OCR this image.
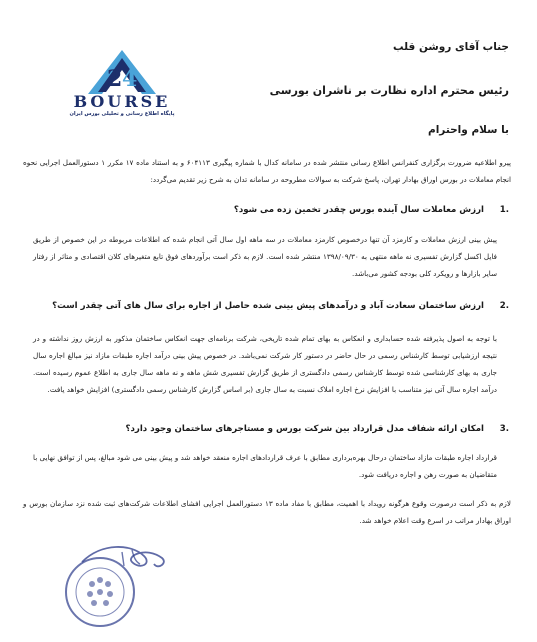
2 4
BOURSE
پایگاه اطلاع رسانی و تحلیلی بورس ایران
جناب آقای روشن قلب
رئیس محترم اداره نظارت بر ناشران بورسی
با سلام واحترام
پیرو اطلاعیه ضرورت برگزاری کنفرانس اطلاع رسانی منتشر شده در سامانه کدال با شماره پیگیری ۶۰۴۱۱۳ و به استناد ماده ۱۷ مکرر ۱ دستورالعمل اجرایی نحوه انجام معاملات در بورس اوراق بهادار تهران، پاسخ شرکت به سوالات مطروحه در سامانه تدان به شرح زیر تقدیم می‌گردد:
.1 ارزش معاملات سال آینده بورس چقدر تخمین زده می شود؟
پیش بینی ارزش معاملات و کارمزد آن تنها درخصوص کارمزد معاملات در سه ماهه اول سال آتی انجام شده که اطلاعات مربوطه در این خصوص از طریق فایل اکسل گزارش تفسیری نه ماهه منتهی به ۱۳۹۸/۰۹/۳۰ منتشر شده است. لازم به ذکر است برآوردهای فوق تابع متغیرهای کلان اقتصادی و متاثر از رفتار سایر بازارها و رویکرد کلی بودجه کشور می‌باشد.
.2 ارزش ساختمان سعادت آباد و درآمدهای پیش بینی شده حاصل از اجاره برای سال های آتی چقدر است؟
با توجه به اصول پذیرفته شده حسابداری و انعکاس به بهای تمام شده تاریخی، شرکت برنامه‌ای جهت انعکاس ساختمان مذکور به ارزش روز نداشته و در نتیجه ارزشیابی توسط کارشناس رسمی در حال حاضر در دستور کار شرکت نمی‌باشد. در خصوص پیش بینی درآمد اجاره طبقات مازاد نیز مبالغ اجاره سال جاری به بهای کارشناسی شده توسط کارشناس رسمی دادگستری از طریق گزارش تفسیری شش ماهه و نه ماهه سال جاری به اطلاع عموم رسیده است. درآمد اجاره سال آتی نیز متناسب با افزایش نرخ اجاره املاک نسبت به سال جاری (بر اساس گزارش کارشناس رسمی دادگستری) افزایش خواهد یافت.
.3 امکان ارائه شفاف مدل قرارداد بین شرکت بورس و مستاجرهای ساختمان وجود دارد؟
قرارداد اجاره طبقات مازاد ساختمان درحال بهره‌برداری مطابق با عرف قراردادهای اجاره منعقد خواهد شد و پیش بینی می شود مبالغ، پس از توافق نهایی با متقاضیان به صورت رهن و اجاره دریافت شود.
لازم به ذکر است درصورت وقوع هرگونه رویداد با اهمیت، مطابق با مفاد ماده ۱۳ دستورالعمل اجرایی افشای اطلاعات شرکت‌های ثبت شده نزد سازمان بورس و اوراق بهادار مراتب در اسرع وقت اعلام خواهد شد.
